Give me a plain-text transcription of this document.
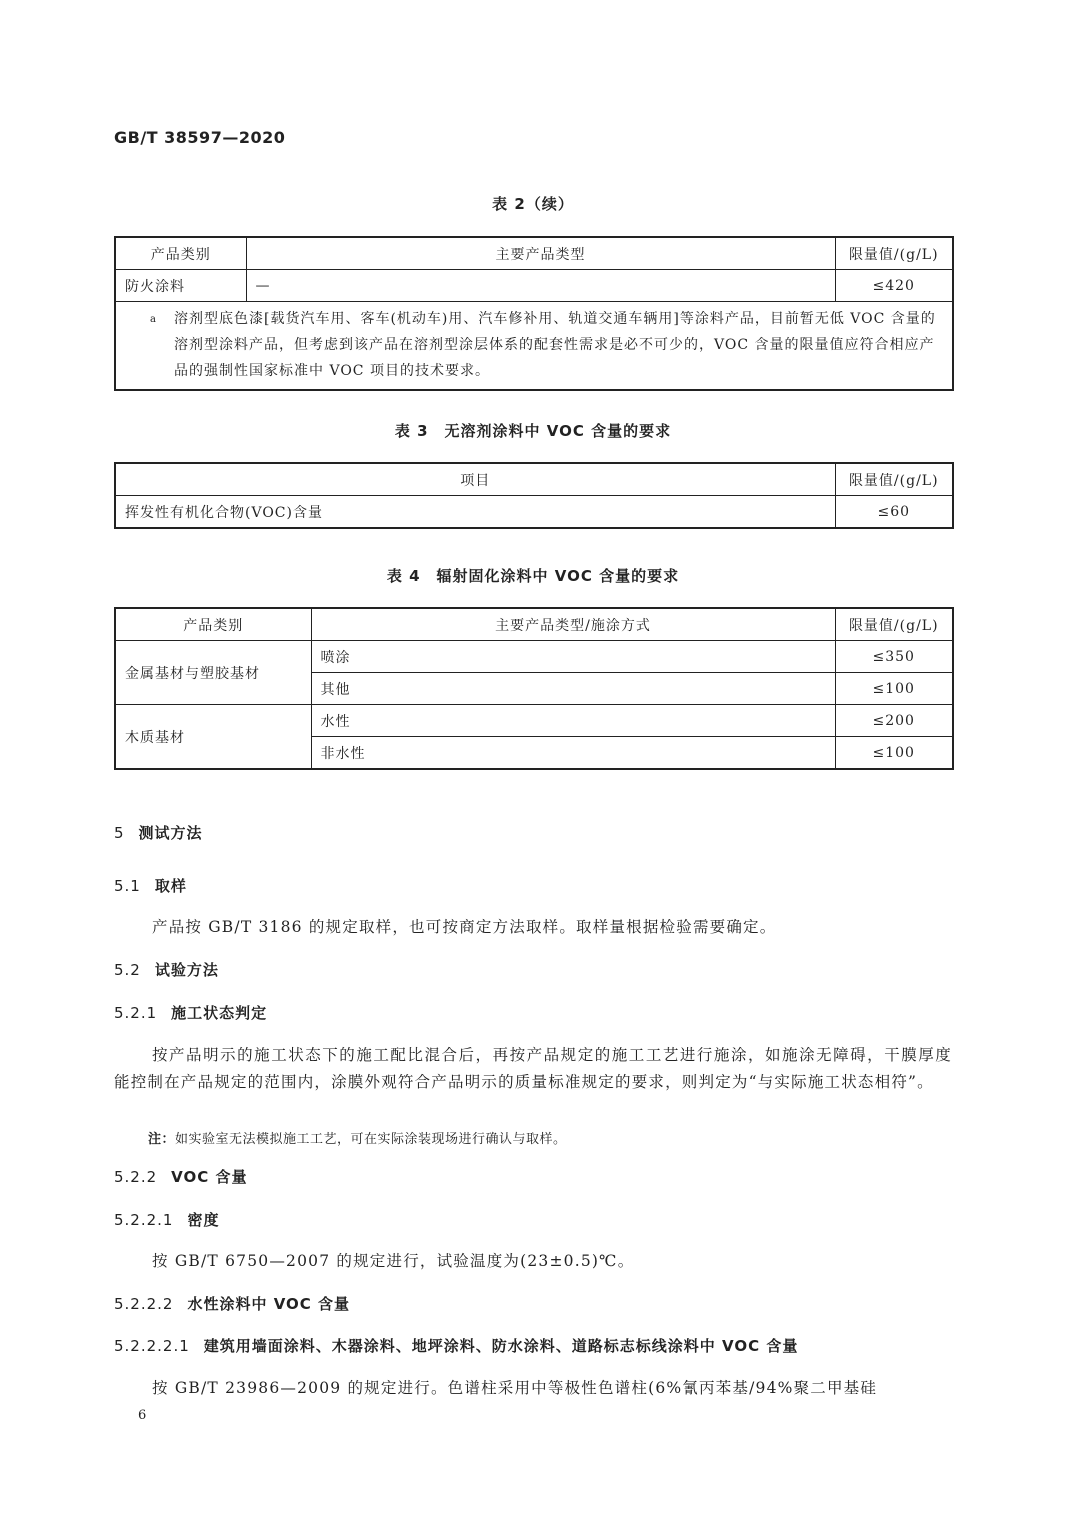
GB/T 38597—2020
表 2（续）
产品类别	主要产品类型	限量值/(g/L)
防火涂料	—	≤420

a 溶剂型底色漆[载货汽车用、客车(机动车)用、汽车修补用、轨道交通车辆用]等涂料产品，目前暂无低 VOC 含量的溶剂型涂料产品，但考虑到该产品在溶剂型涂层体系的配套性需求是必不可少的，VOC 含量的限量值应符合相应产品的强制性国家标准中 VOC 项目的技术要求。		
表 3　无溶剂涂料中 VOC 含量的要求
项目	限量值/(g/L)
挥发性有机化合物(VOC)含量	≤60
表 4　辐射固化涂料中 VOC 含量的要求
产品类别	主要产品类型/施涂方式	限量值/(g/L)
金属基材与塑胶基材	喷涂	≤350
	其他	≤100
木质基材	水性	≤200
	非水性	≤100
5 测试方法
5.1 取样
产品按 GB/T 3186 的规定取样，也可按商定方法取样。取样量根据检验需要确定。
5.2 试验方法
5.2.1 施工状态判定
按产品明示的施工状态下的施工配比混合后，再按产品规定的施工工艺进行施涂，如施涂无障碍，干膜厚度能控制在产品规定的范围内，涂膜外观符合产品明示的质量标准规定的要求，则判定为“与实际施工状态相符”。
注：如实验室无法模拟施工工艺，可在实际涂装现场进行确认与取样。
5.2.2 VOC 含量
5.2.2.1 密度
按 GB/T 6750—2007 的规定进行，试验温度为(23±0.5)℃。
5.2.2.2 水性涂料中 VOC 含量
5.2.2.2.1 建筑用墙面涂料、木器涂料、地坪涂料、防水涂料、道路标志标线涂料中 VOC 含量
按 GB/T 23986—2009 的规定进行。色谱柱采用中等极性色谱柱(6%氰丙苯基/94%聚二甲基硅
6
